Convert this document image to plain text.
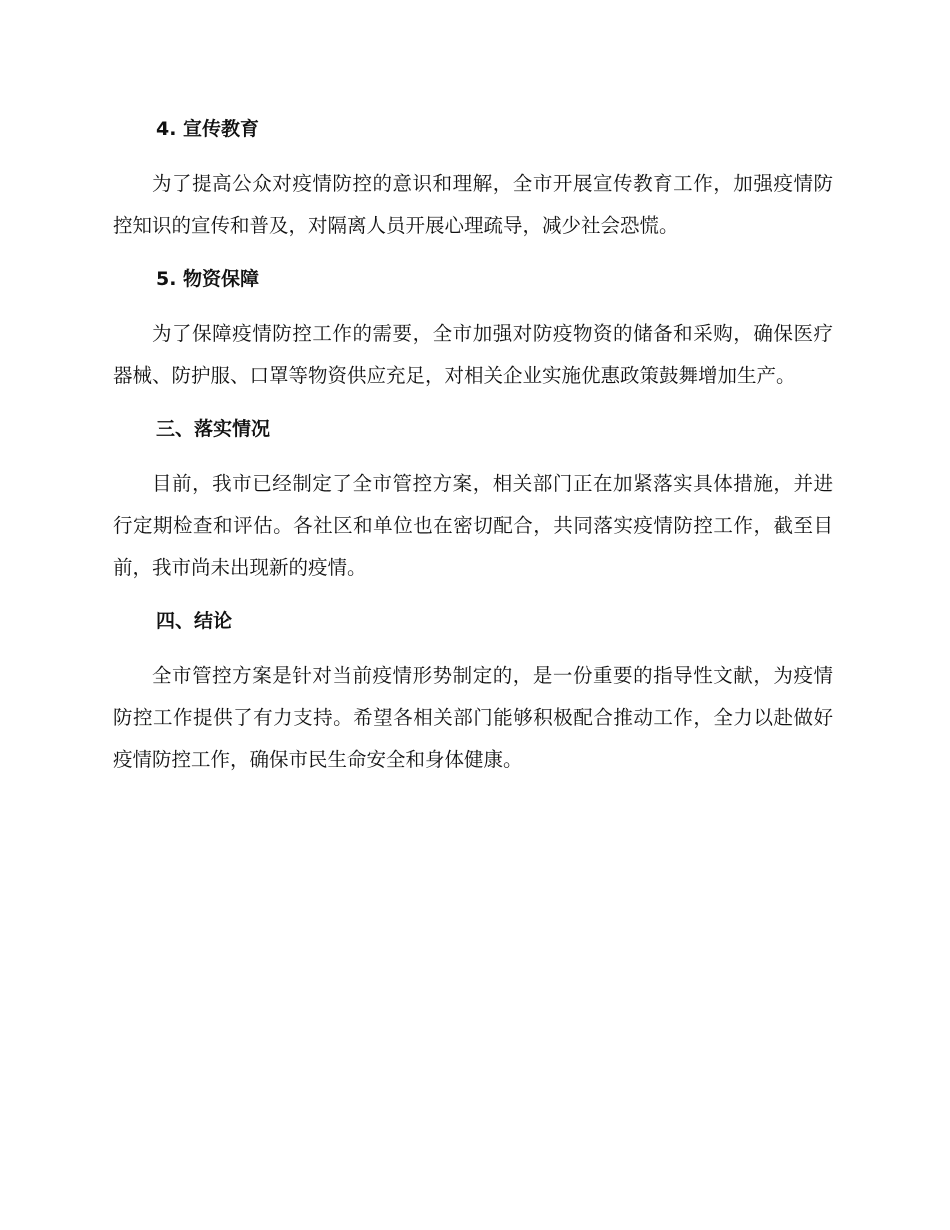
4. 宣传教育

为了提高公众对疫情防控的意识和理解，全市开展宣传教育工作，加强疫情防控知识的宣传和普及，对隔离人员开展心理疏导，减少社会恐慌。

5. 物资保障

为了保障疫情防控工作的需要，全市加强对防疫物资的储备和采购，确保医疗器械、防护服、口罩等物资供应充足，对相关企业实施优惠政策鼓舞增加生产。

三、落实情况

目前，我市已经制定了全市管控方案，相关部门正在加紧落实具体措施，并进行定期检查和评估。各社区和单位也在密切配合，共同落实疫情防控工作，截至目前，我市尚未出现新的疫情。

四、结论

全市管控方案是针对当前疫情形势制定的，是一份重要的指导性文献，为疫情防控工作提供了有力支持。希望各相关部门能够积极配合推动工作，全力以赴做好疫情防控工作，确保市民生命安全和身体健康。
